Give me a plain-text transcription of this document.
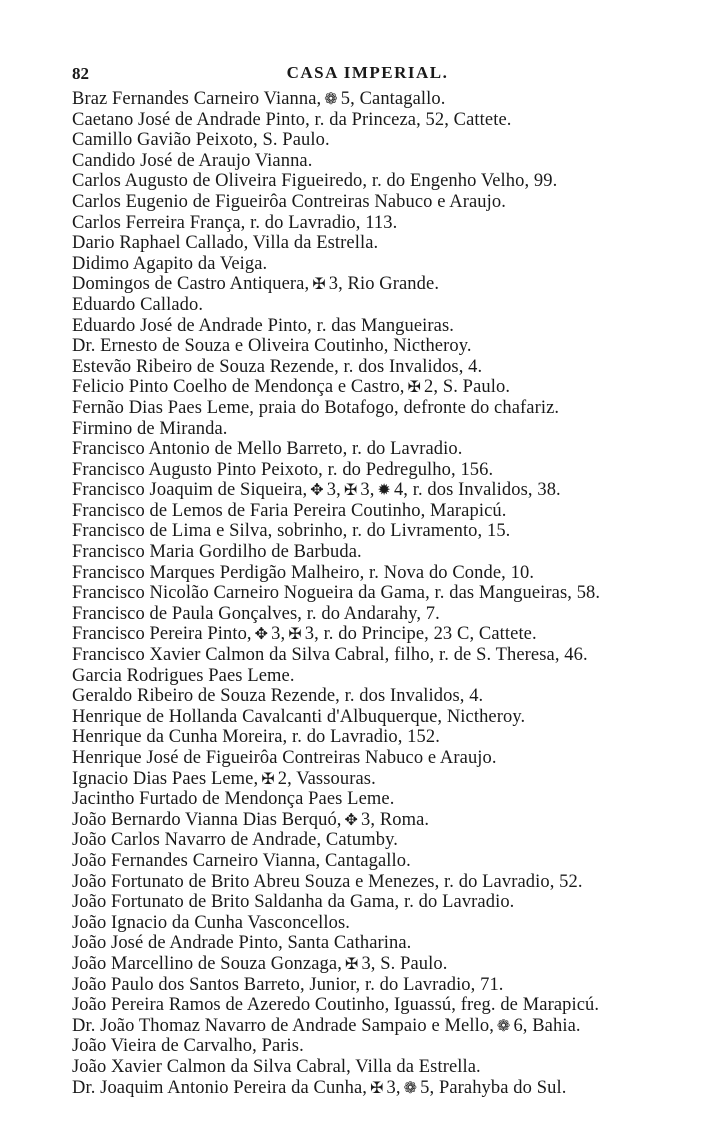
82	CASA IMPERIAL.
Braz Fernandes Carneiro Vianna, ❁ 5, Cantagallo.
Caetano José de Andrade Pinto, r. da Princeza, 52, Cattete.
Camillo Gavião Peixoto, S. Paulo.
Candido José de Araujo Vianna.
Carlos Augusto de Oliveira Figueiredo, r. do Engenho Velho, 99.
Carlos Eugenio de Figueirôa Contreiras Nabuco e Araujo.
Carlos Ferreira França, r. do Lavradio, 113.
Dario Raphael Callado, Villa da Estrella.
Didimo Agapito da Veiga.
Domingos de Castro Antiquera, ✠ 3, Rio Grande.
Eduardo Callado.
Eduardo José de Andrade Pinto, r. das Mangueiras.
Dr. Ernesto de Souza e Oliveira Coutinho, Nictheroy.
Estevão Ribeiro de Souza Rezende, r. dos Invalidos, 4.
Felicio Pinto Coelho de Mendonça e Castro, ✠ 2, S. Paulo.
Fernão Dias Paes Leme, praia do Botafogo, defronte do chafariz.
Firmino de Miranda.
Francisco Antonio de Mello Barreto, r. do Lavradio.
Francisco Augusto Pinto Peixoto, r. do Pedregulho, 156.
Francisco Joaquim de Siqueira, ✥ 3, ✠ 3, ✹ 4, r. dos Invalidos, 38.
Francisco de Lemos de Faria Pereira Coutinho, Marapicú.
Francisco de Lima e Silva, sobrinho, r. do Livramento, 15.
Francisco Maria Gordilho de Barbuda.
Francisco Marques Perdigão Malheiro, r. Nova do Conde, 10.
Francisco Nicolão Carneiro Nogueira da Gama, r. das Mangueiras, 58.
Francisco de Paula Gonçalves, r. do Andarahy, 7.
Francisco Pereira Pinto, ✥ 3, ✠ 3, r. do Principe, 23 C, Cattete.
Francisco Xavier Calmon da Silva Cabral, filho, r. de S. Theresa, 46.
Garcia Rodrigues Paes Leme.
Geraldo Ribeiro de Souza Rezende, r. dos Invalidos, 4.
Henrique de Hollanda Cavalcanti d'Albuquerque, Nictheroy.
Henrique da Cunha Moreira, r. do Lavradio, 152.
Henrique José de Figueirôa Contreiras Nabuco e Araujo.
Ignacio Dias Paes Leme, ✠ 2, Vassouras.
Jacintho Furtado de Mendonça Paes Leme.
João Bernardo Vianna Dias Berquó, ✥ 3, Roma.
João Carlos Navarro de Andrade, Catumby.
João Fernandes Carneiro Vianna, Cantagallo.
João Fortunato de Brito Abreu Souza e Menezes, r. do Lavradio, 52.
João Fortunato de Brito Saldanha da Gama, r. do Lavradio.
João Ignacio da Cunha Vasconcellos.
João José de Andrade Pinto, Santa Catharina.
João Marcellino de Souza Gonzaga, ✠ 3, S. Paulo.
João Paulo dos Santos Barreto, Junior, r. do Lavradio, 71.
João Pereira Ramos de Azeredo Coutinho, Iguassú, freg. de Marapicú.
Dr. João Thomaz Navarro de Andrade Sampaio e Mello, ❁ 6, Bahia.
João Vieira de Carvalho, Paris.
João Xavier Calmon da Silva Cabral, Villa da Estrella.
Dr. Joaquim Antonio Pereira da Cunha, ✠ 3, ❁ 5, Parahyba do Sul.
